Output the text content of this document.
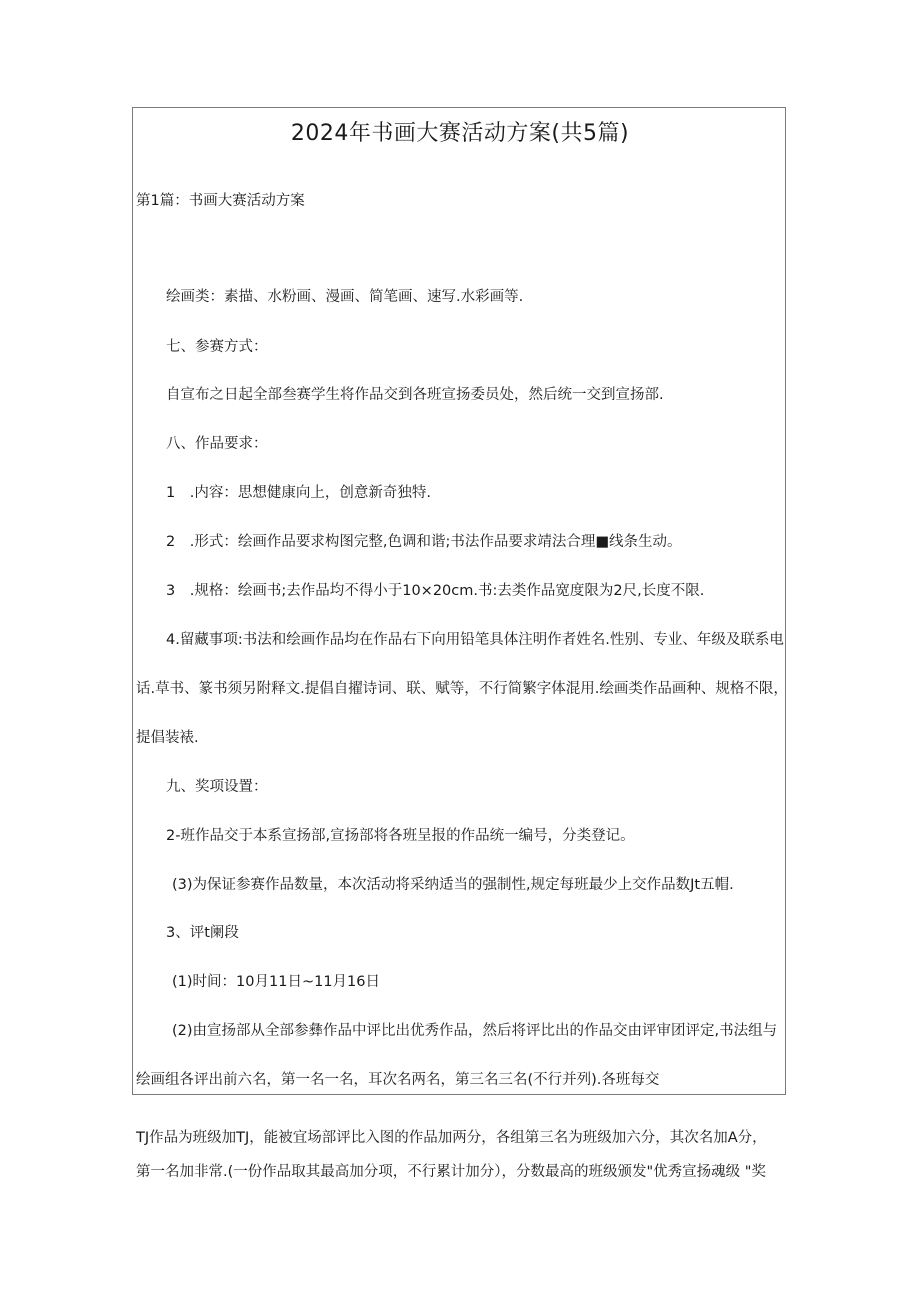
2024年书画大赛活动方案(共5篇)
第1篇：书画大赛活动方案
绘画类：素描、水粉画、漫画、简笔画、速写.水彩画等.
七、参赛方式：
自宣布之日起全部叁赛学生将作品交到各班宣扬委员处，然后统一交到宣扬部.
八、作品要求：
1　.内容：思想健康向上，创意新奇独特.
2　.形式：绘画作品要求构图完整,色调和谐;书法作品要求靖法合理■线条生动。
3　.规格：绘画书;去作品均不得小于10×20cm.书:去类作品宽度限为2尺,长度不限.
4.留藏事项:书法和绘画作品均在作品右下向用铅笔具体注明作者姓名.性别、专业、年级及联系电
话.草书、篆书须另附释文.提倡自擢诗词、联、赋等，不行简繁字体混用.绘画类作品画种、规格不限，
提倡装裱.
九、奖项设置：
2-班作品交于本系宣扬部,宣扬部将各班呈报的作品统一编号，分类登记。
(3)为保证参赛作品数量，本次活动将采纳适当的强制性,规定每班最少上交作品数Jt五帽.
3、评t阑段
(1)时间：10月11日~11月16日
(2)由宣扬部从全部参彝作品中评比出优秀作品，然后将评比出的作品交由评审团评定,书法组与
绘画组各评出前六名，第一名一名，耳次名两名，第三名三名(不行并列).各班每交
TJ作品为班级加TJ，能被宜场部评比入图的作品加两分，各组第三名为班级加六分，其次名加A分，
第一名加非常.(一份作品取其最高加分项，不行累计加分），分数最高的班级颁发"优秀宣扬魂级 "奖
